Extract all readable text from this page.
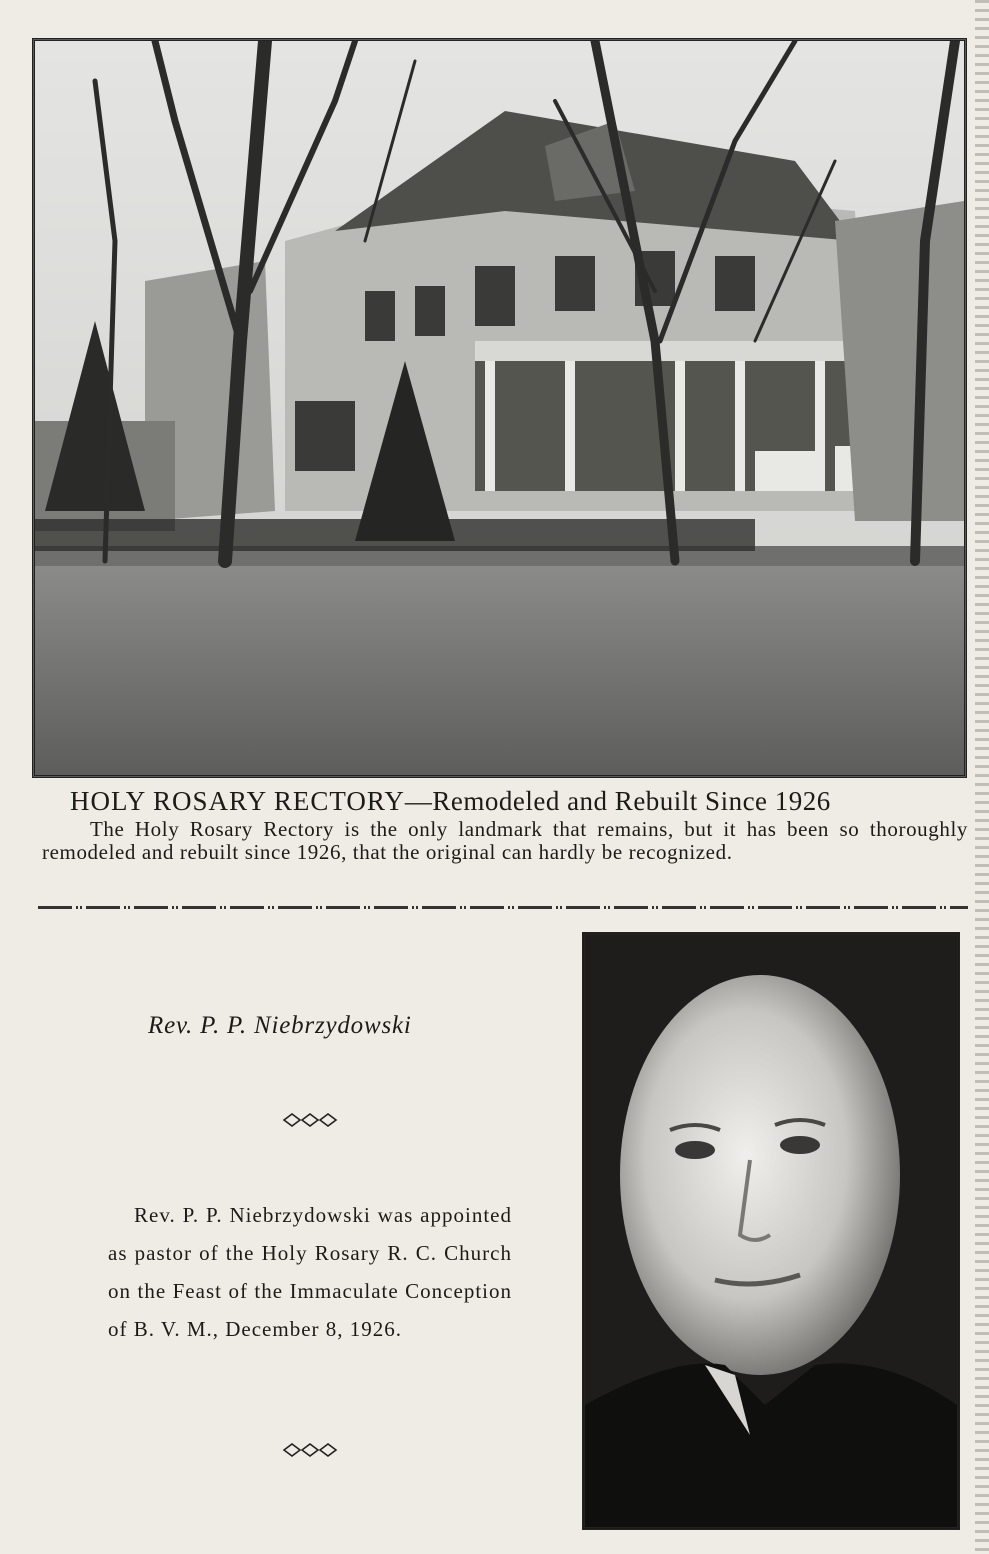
HOLY ROSARY RECTORY—Remodeled and Rebuilt Since 1926
The Holy Rosary Rectory is the only landmark that remains, but it has been so thoroughly remodeled and rebuilt since 1926, that the original can hardly be recognized.
Rev. P. P. Niebrzydowski
Rev. P. P. Niebrzydowski was appointed as pastor of the Holy Rosary R. C. Church on the Feast of the Immaculate Conception of B. V. M., December 8, 1926.
